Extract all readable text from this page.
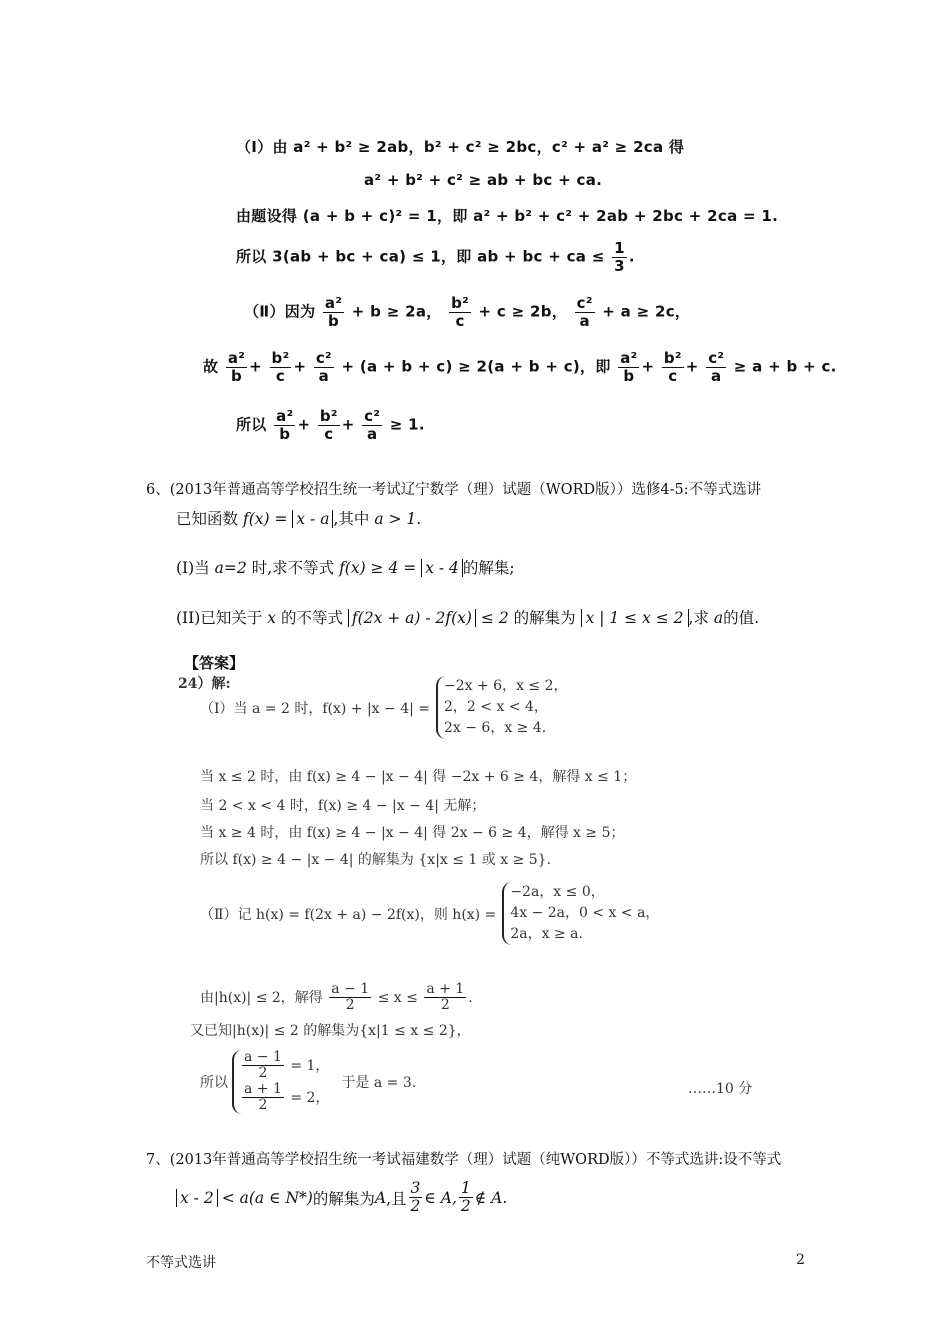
（Ⅰ）由 a² + b² ≥ 2ab，b² + c² ≥ 2bc，c² + a² ≥ 2ca 得
a² + b² + c² ≥ ab + bc + ca.
由题设得 (a + b + c)² = 1，即 a² + b² + c² + 2ab + 2bc + 2ca = 1.
所以 3(ab + bc + ca) ≤ 1，即 ab + bc + ca ≤ $\frac{1}{3}$ .
（Ⅱ）因为 $\frac{\text{a²}}{b} + b \ge 2a$， $\frac{\text{b²}}{c} + c \ge 2b$， $\frac{\text{c²}}{a} + a \ge 2c$，
故 $\frac{\text{a²}}{b} + \frac{\text{b²}}{c} + \frac{\text{c²}}{a} + (a + b + c) \ge 2(a + b + c)$，即 $\frac{\text{a²}}{b} + \frac{\text{b²}}{c} + \frac{\text{c²}}{a} \ge a + b + c$.
所以 $\frac{\text{a²}}{b} + \frac{\text{b²}}{c} + \frac{\text{c²}}{a} \ge 1$.
6、(2013年普通高等学校招生统一考试辽宁数学（理）试题（WORD版））选修4-5:不等式选讲
已知函数 f(x) = x - a ,其中 a > 1.
(I)当 a=2 时,求不等式 f(x) ≥ 4 = x - 4 的解集;
(II)已知关于 x 的不等式 f(2x + a) - 2f(x) ≤ 2 的解集为 x | 1 ≤ x ≤ 2 ,求 a的值.
【答案】
24）解:
（Ⅰ）当 a = 2 时，f(x) + |x − 4| =
−2x + 6，x ≤ 2，
2，2 < x < 4，
2x − 6，x ≥ 4.
当 x ≤ 2 时，由 f(x) ≥ 4 − |x − 4| 得 −2x + 6 ≥ 4，解得 x ≤ 1；
当 2 < x < 4 时，f(x) ≥ 4 − |x − 4| 无解；
当 x ≥ 4 时，由 f(x) ≥ 4 − |x − 4| 得 2x − 6 ≥ 4，解得 x ≥ 5；
所以 f(x) ≥ 4 − |x − 4| 的解集为 {x|x ≤ 1 或 x ≥ 5}.
（Ⅱ）记 h(x) = f(2x + a) − 2f(x)，则 h(x) =
−2a，x ≤ 0，
4x − 2a，0 < x < a，
2a，x ≥ a.
由|h(x)| ≤ 2，解得 $\frac{a - 1}{2} \le x \le \frac{a + 1}{2}$ .
又已知|h(x)| ≤ 2 的解集为{x|1 ≤ x ≤ 2}，
所以
$\frac{a - 1}{2} = 1$，
$\frac{a + 1}{2} = 2$，
于是 a = 3.	……10 分
7、(2013年普通高等学校招生统一考试福建数学（理）试题（纯WORD版））不等式选讲:设不等式
x - 2 < a(a ∈ N*) 的解集为 A ,且 $\frac{3}{2}$ ∈ A, $\frac{1}{2}$ ∉ A.
不等式选讲	2
